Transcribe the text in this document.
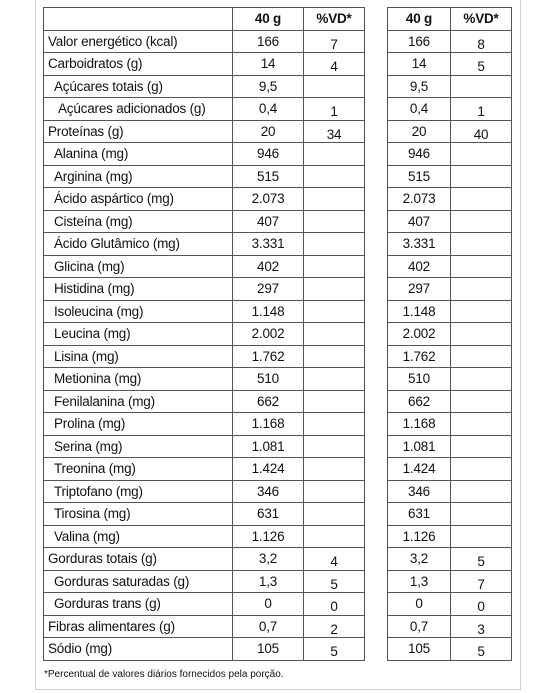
	40 g	%VD*		40 g	%VD*
Valor energético (kcal)	166	7		166	8
Carboidratos (g)	14	4		14	5
Açúcares totais (g)	9,5			9,5	
Açúcares adicionados (g)	0,4	1		0,4	1
Proteínas (g)	20	34		20	40
Alanina (mg)	946			946	
Arginina (mg)	515			515	
Ácido aspártico (mg)	2.073			2.073	
Cisteína (mg)	407			407	
Ácido Glutâmico (mg)	3.331			3.331	
Glicina (mg)	402			402	
Histidina (mg)	297			297	
Isoleucina (mg)	1.148			1.148	
Leucina (mg)	2.002			2.002	
Lisina (mg)	1.762			1.762	
Metionina (mg)	510			510	
Fenilalanina (mg)	662			662	
Prolina (mg)	1.168			1.168	
Serina (mg)	1.081			1.081	
Treonina (mg)	1.424			1.424	
Triptofano (mg)	346			346	
Tirosina (mg)	631			631	
Valina (mg)	1.126			1.126	
Gorduras totais (g)	3,2	4		3,2	5
Gorduras saturadas (g)	1,3	5		1,3	7
Gorduras trans (g)	0	0		0	0
Fibras alimentares (g)	0,7	2		0,7	3
Sódio (mg)	105	5		105	5
*Percentual de valores diários fornecidos pela porção.
